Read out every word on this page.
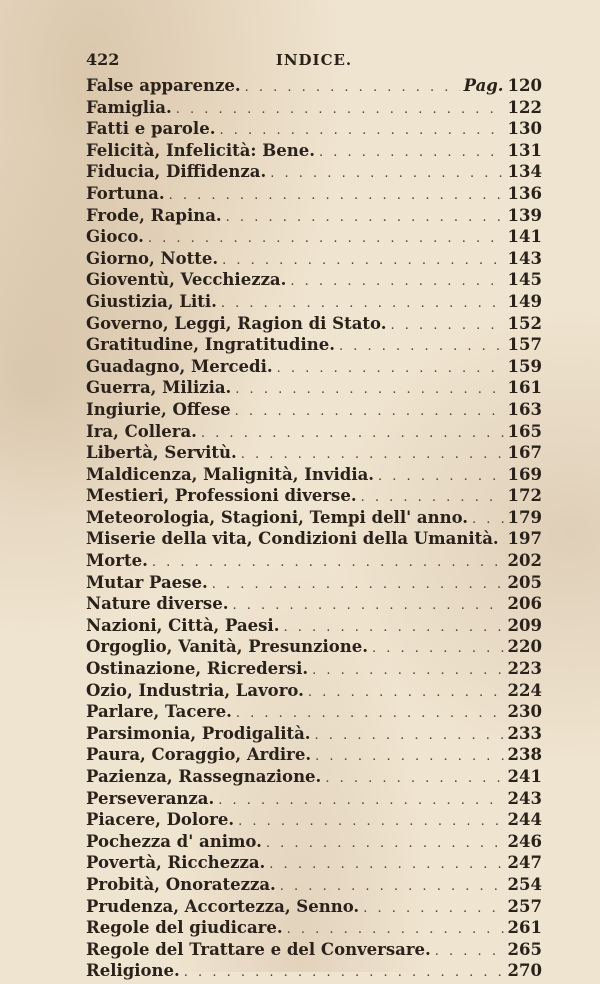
422	INDICE.
False apparenze. . . .	Pag. 120
Famiglia. . . .	122
Fatti e parole. . . .	130
Felicità, Infelicità: Bene. . . .	131
Fiducia, Diffidenza. . . .	134
Fortuna. . . .	136
Frode, Rapina. . . .	139
Gioco. . . .	141
Giorno, Notte. . . .	143
Gioventù, Vecchiezza. . . .	145
Giustizia, Liti. . . .	149
Governo, Leggi, Ragion di Stato. . . .	152
Gratitudine, Ingratitudine. . . .	157
Guadagno, Mercedi. . . .	159
Guerra, Milizia. . . .	161
Ingiurie, Offese . . .	163
Ira, Collera. . . .	165
Libertà, Servitù. . . .	167
Maldicenza, Malignità, Invidia. . . .	169
Mestieri, Professioni diverse. . . .	172
Meteorologia, Stagioni, Tempi dell' anno. . . . 179
Miserie della vita, Condizioni della Umanità. . . . 197
Morte. . . .	202
Mutar Paese. . . .	205
Nature diverse. . . .	206
Nazioni, Città, Paesi. . . .	209
Orgoglio, Vanità, Presunzione. . . .	220
Ostinazione, Ricredersi. . . .	223
Ozio, Industria, Lavoro. . . .	224
Parlare, Tacere. . . .	230
Parsimonia, Prodigalità. . . .	233
Paura, Coraggio, Ardire. . . .	238
Pazienza, Rassegnazione. . . .	241
Perseveranza. . . .	243
Piacere, Dolore. . . .	244
Pochezza d' animo. . . .	246
Povertà, Ricchezza. . . .	247
Probità, Onoratezza. . . .	254
Prudenza, Accortezza, Senno. . . .	257
Regole del giudicare. . . .	261
Regole del Trattare e del Conversare. . . .	265
Religione. . . .	270
